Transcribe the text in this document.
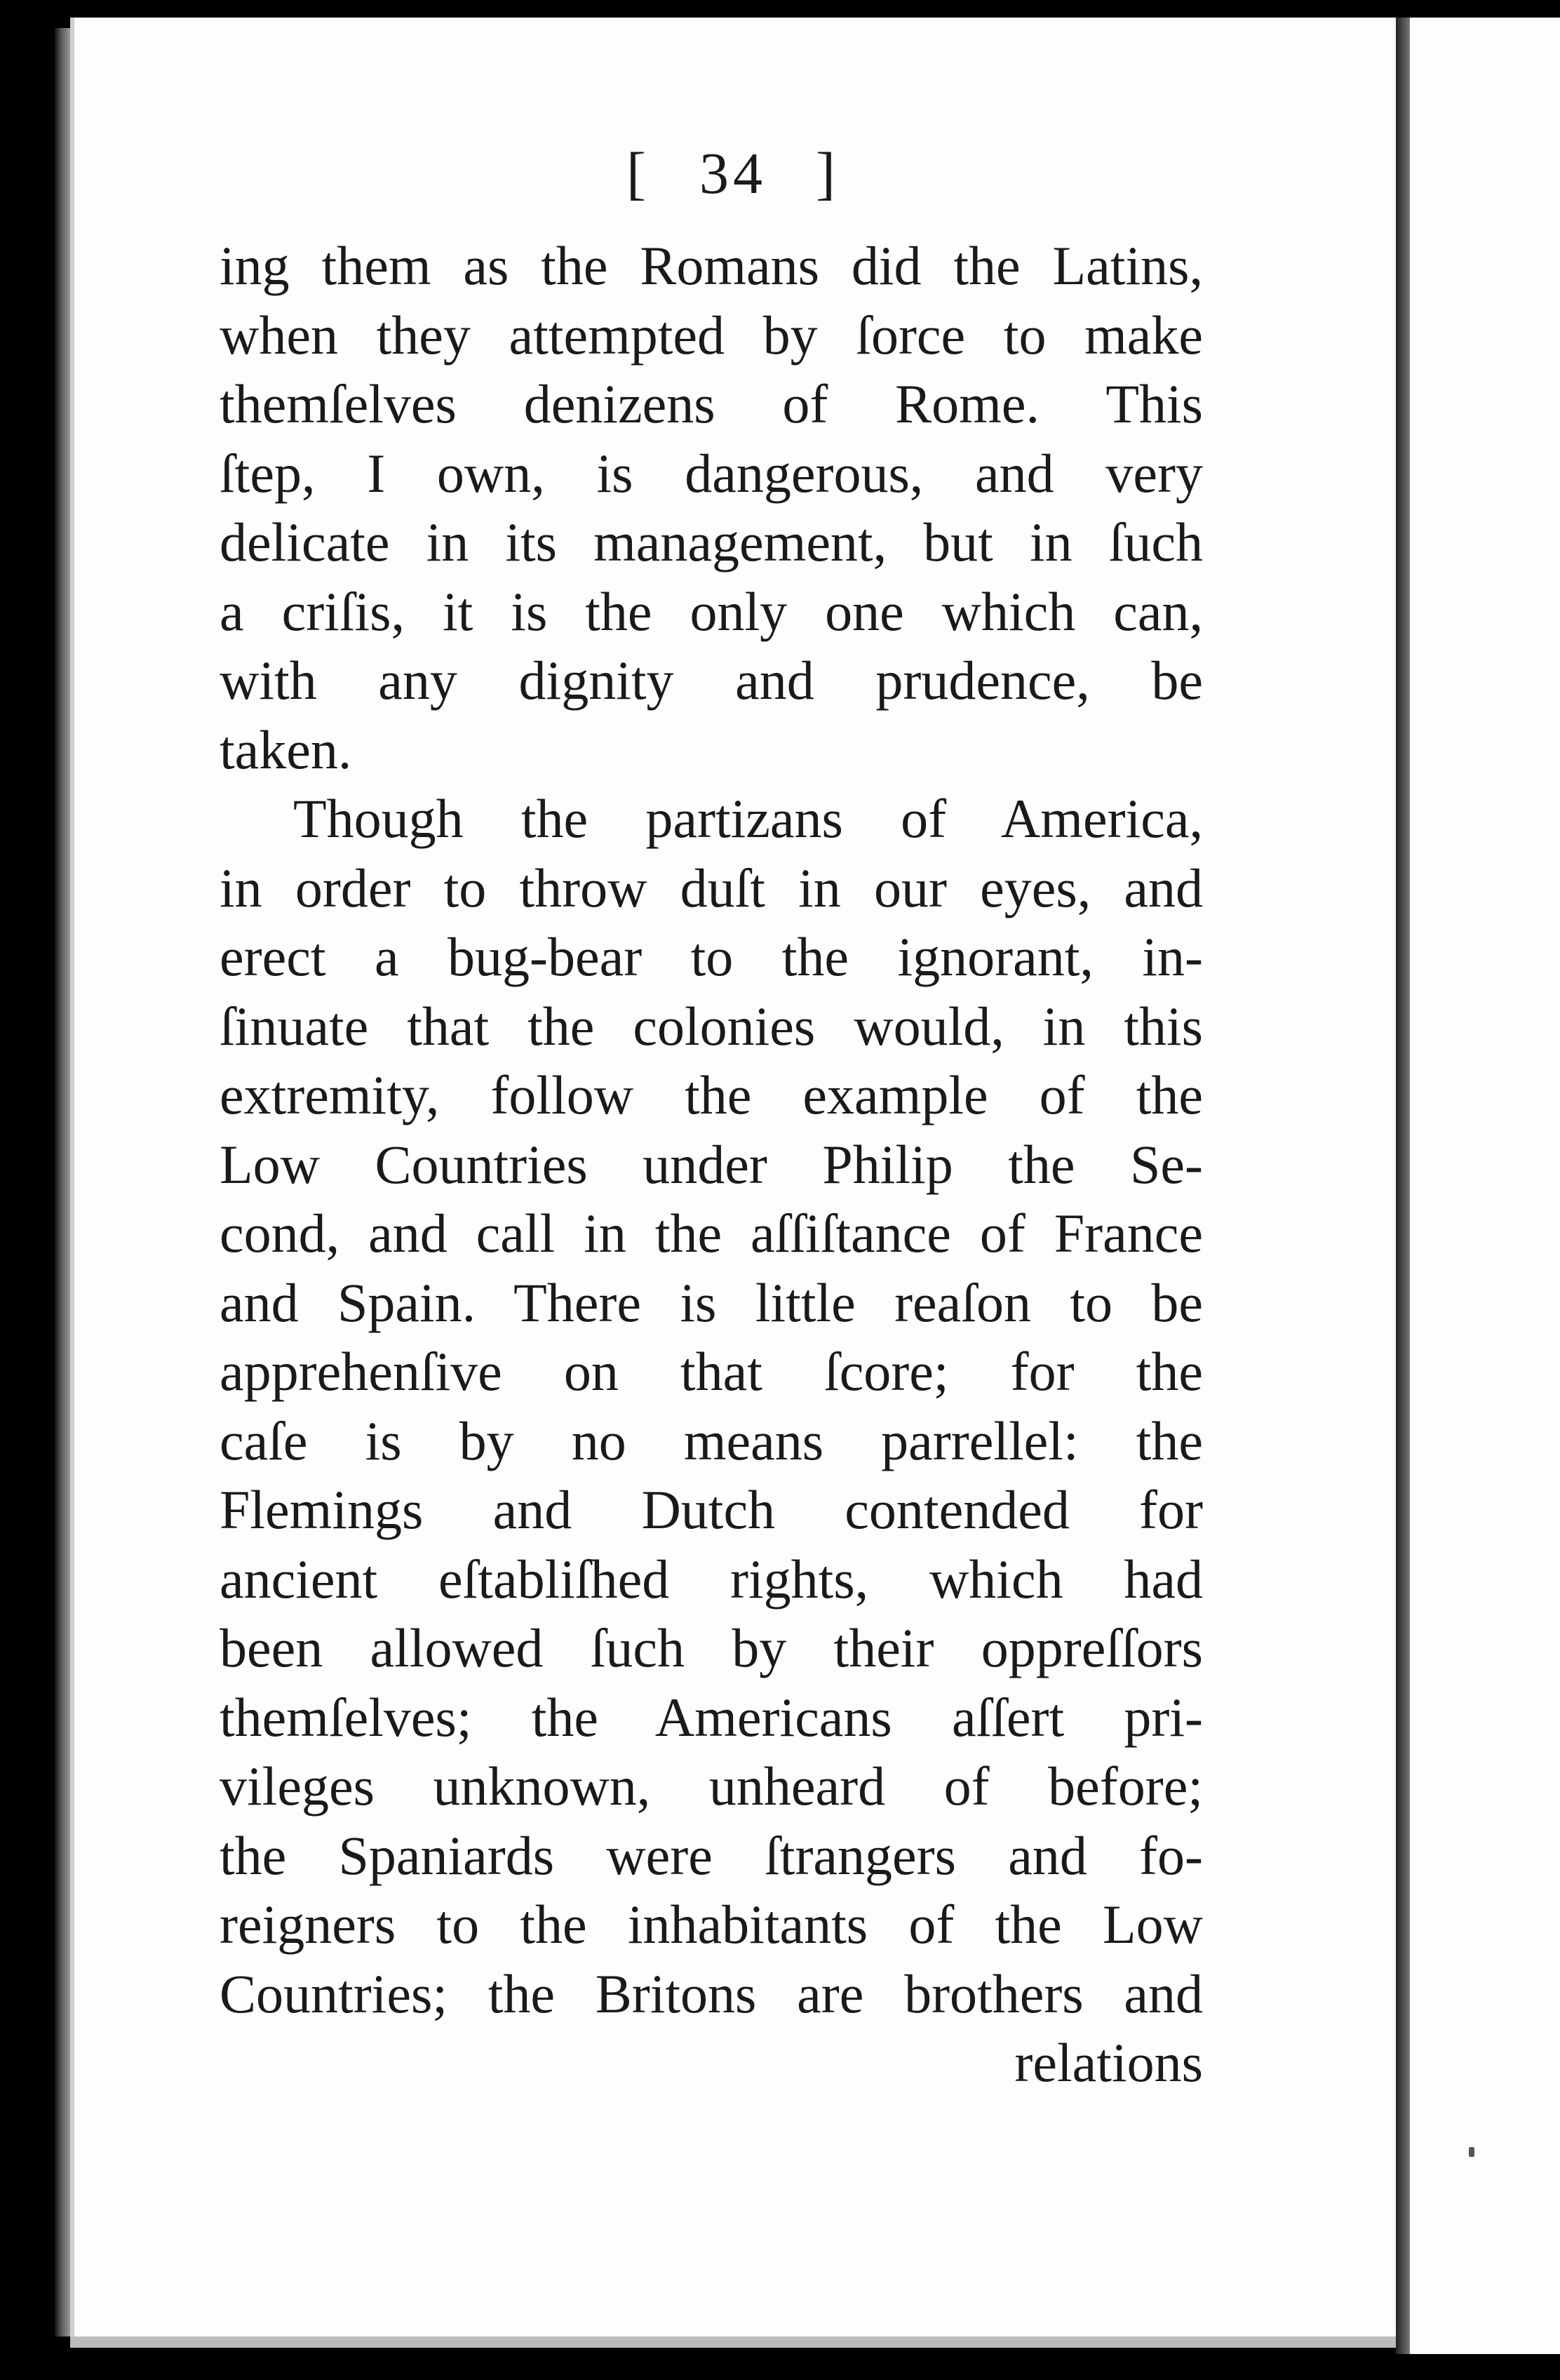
[ 34 ]
ing them as the Romans did the Latins,
when they attempted by ſorce to make
themſelves denizens of Rome. This
ſtep, I own, is dangerous, and very
delicate in its management, but in ſuch
a criſis, it is the only one which can,
with any dignity and prudence, be
taken.
Though the partizans of America,
in order to throw duſt in our eyes, and
erect a bug-bear to the ignorant, in-
ſinuate that the colonies would, in this
extremity, follow the example of the
Low Countries under Philip the Se-
cond, and call in the aſſiſtance of France
and Spain. There is little reaſon to be
apprehenſive on that ſcore; for the
caſe is by no means parrellel: the
Flemings and Dutch contended for
ancient eſtabliſhed rights, which had
been allowed ſuch by their oppreſſors
themſelves; the Americans aſſert pri-
vileges unknown, unheard of before;
the Spaniards were ſtrangers and fo-
reigners to the inhabitants of the Low
Countries; the Britons are brothers and
relations
